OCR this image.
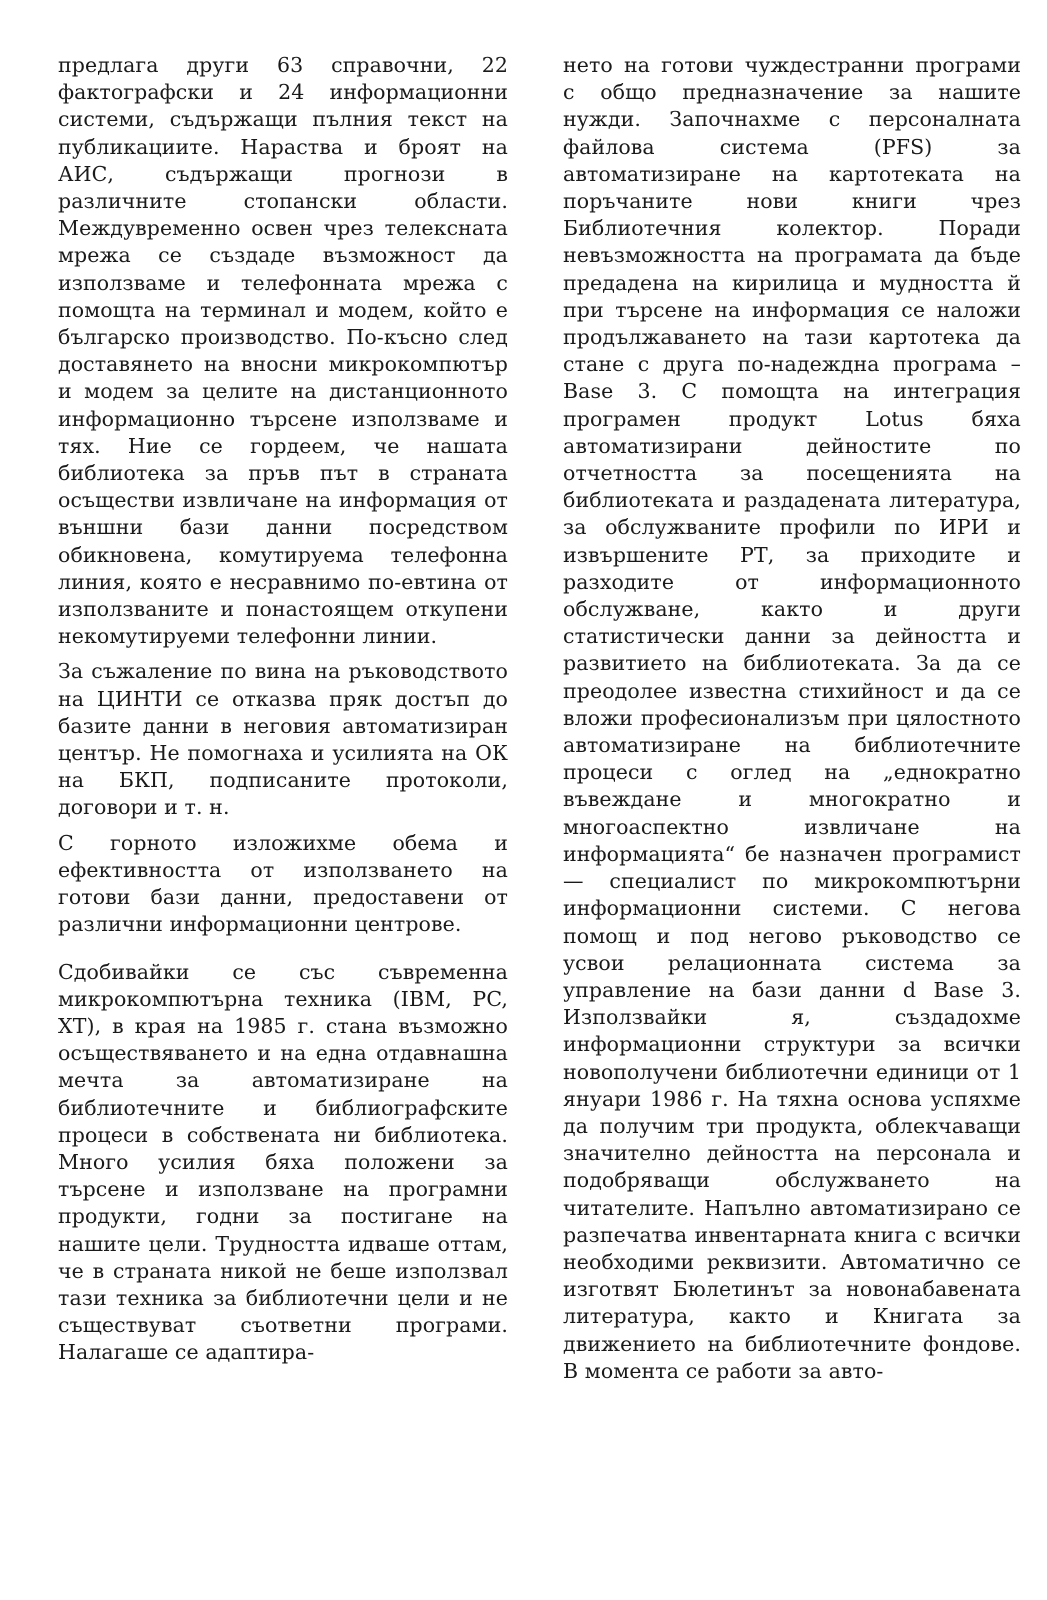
предлага други 63 справочни, 22 фактографски и 24 информационни системи, съдържащи пълния текст на публикациите. Нараства и броят на АИС, съдържащи прогнози в различните стопански области. Междувременно освен чрез телексната мрежа се създаде възможност да използваме и телефонната мрежа с помощта на терминал и модем, който е българско производство. По-късно след доставянето на вносни микрокомпютър и модем за целите на дистанционното информационно търсене използваме и тях. Ние се гордеем, че нашата библиотека за пръв път в страната осъществи извличане на информация от външни бази данни посредством обикновена, комутируема телефонна линия, която е несравнимо по-евтина от използваните и понастоящем откупени некомутируеми телефонни линии.

За съжаление по вина на ръководството на ЦИНТИ се отказва пряк достъп до базите данни в неговия автоматизиран център. Не помогнаха и усилията на ОК на БКП, подписаните протоколи, договори и т. н.

С горното изложихме обема и ефективността от използването на готови бази данни, предоставени от различни информационни центрове.

Сдобивайки се със съвременна микрокомпютърна техника (IBM, PC, XT), в края на 1985 г. стана възможно осъществяването и на една отдавнашна мечта за автоматизиране на библиотечните и библиографските процеси в собствената ни библиотека. Много усилия бяха положени за търсене и използване на програмни продукти, годни за постигане на нашите цели. Трудността идваше оттам, че в страната никой не беше използвал тази техника за библиотечни цели и не съществуват съответни програми. Налагаше се адаптира-

нето на готови чуждестранни програми с общо предназначение за нашите нужди. Започнахме с персоналната файлова система (PFS) за автоматизиране на картотеката на поръчаните нови книги чрез Библиотечния колектор. Поради невъзможността на програмата да бъде предадена на кирилица и мудността й при търсене на информация се наложи продължаването на тази картотека да стане с друга по-надеждна програма – Base 3. С помощта на интеграция програмен продукт Lotus бяха автоматизирани дейностите по отчетността за посещенията на библиотеката и раздадената литература, за обслужваните профили по ИРИ и извършените РТ, за приходите и разходите от информационното обслужване, както и други статистически данни за дейността и развитието на библиотеката. За да се преодолее известна стихийност и да се вложи професионализъм при цялостното автоматизиране на библиотечните процеси с оглед на „еднократно въвеждане и многократно и многоаспектно извличане на информацията“ бе назначен програмист — специалист по микрокомпютърни информационни системи. С негова помощ и под негово ръководство се усвои релационната система за управление на бази данни d Base 3. Използвайки я, създадохме информационни структури за всички новополучени библиотечни единици от 1 януари 1986 г. На тяхна основа успяхме да получим три продукта, облекчаващи значително дейността на персонала и подобряващи обслужването на читателите. Напълно автоматизирано се разпечатва инвентарната книга с всички необходими реквизити. Автоматично се изготвят Бюлетинът за новонабавената литература, както и Книгата за движението на библиотечните фондове. В момента се работи за авто-
